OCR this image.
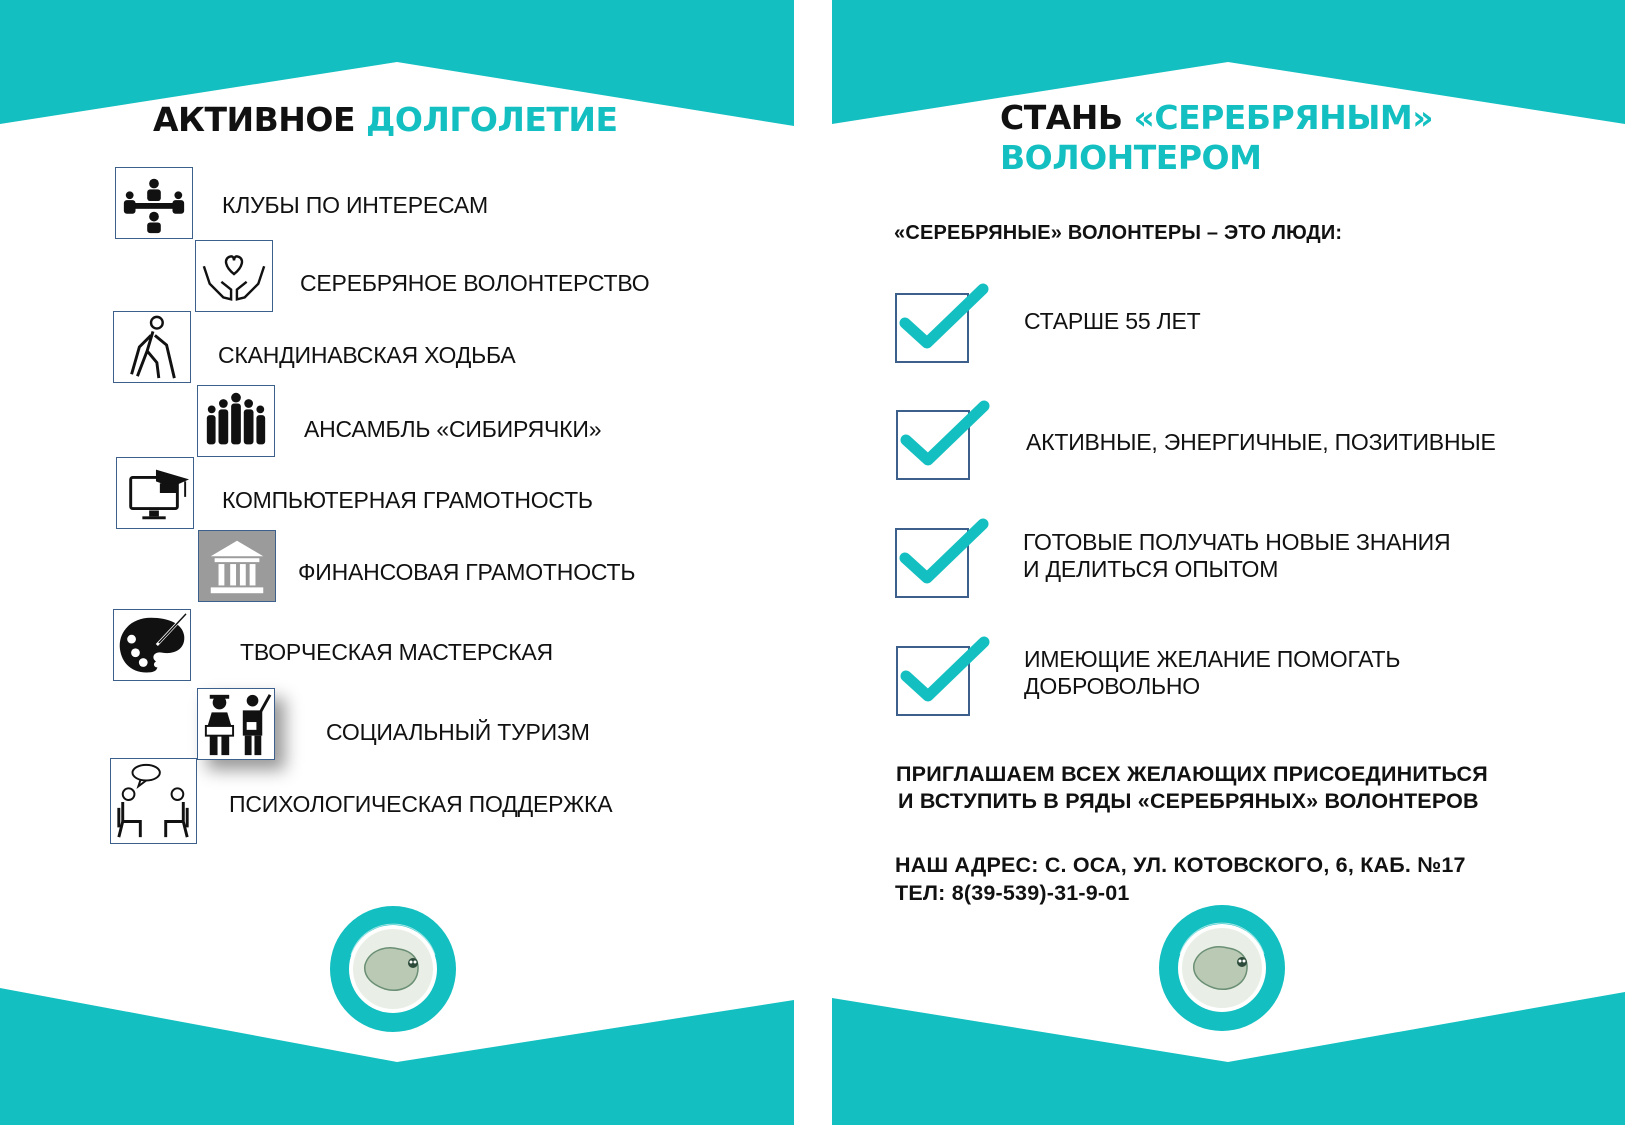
АКТИВНОЕ ДОЛГОЛЕТИЕ
КЛУБЫ ПО ИНТЕРЕСАМ
СЕРЕБРЯНОЕ ВОЛОНТЕРСТВО
СКАНДИНАВСКАЯ ХОДЬБА
АНСАМБЛЬ «СИБИРЯЧКИ»
КОМПЬЮТЕРНАЯ ГРАМОТНОСТЬ
ФИНАНСОВАЯ ГРАМОТНОСТЬ
ТВОРЧЕСКАЯ МАСТЕРСКАЯ
СОЦИАЛЬНЫЙ ТУРИЗМ
ПСИХОЛОГИЧЕСКАЯ ПОДДЕРЖКА
СТАНЬ «СЕРЕБРЯНЫМ»
ВОЛОНТЕРОМ
«СЕРЕБРЯНЫЕ» ВОЛОНТЕРЫ – ЭТО ЛЮДИ:
СТАРШЕ 55 ЛЕТ
АКТИВНЫЕ, ЭНЕРГИЧНЫЕ, ПОЗИТИВНЫЕ
ГОТОВЫЕ ПОЛУЧАТЬ НОВЫЕ ЗНАНИЯ
И ДЕЛИТЬСЯ ОПЫТОМ
ИМЕЮЩИЕ ЖЕЛАНИЕ ПОМОГАТЬ
ДОБРОВОЛЬНО
ПРИГЛАШАЕМ ВСЕХ ЖЕЛАЮЩИХ ПРИСОЕДИНИТЬСЯ
И ВСТУПИТЬ В РЯДЫ «СЕРЕБРЯНЫХ» ВОЛОНТЕРОВ
НАШ АДРЕС: С. ОСА, УЛ. КОТОВСКОГО, 6, КАБ. №17
ТЕЛ: 8(39-539)-31-9-01
